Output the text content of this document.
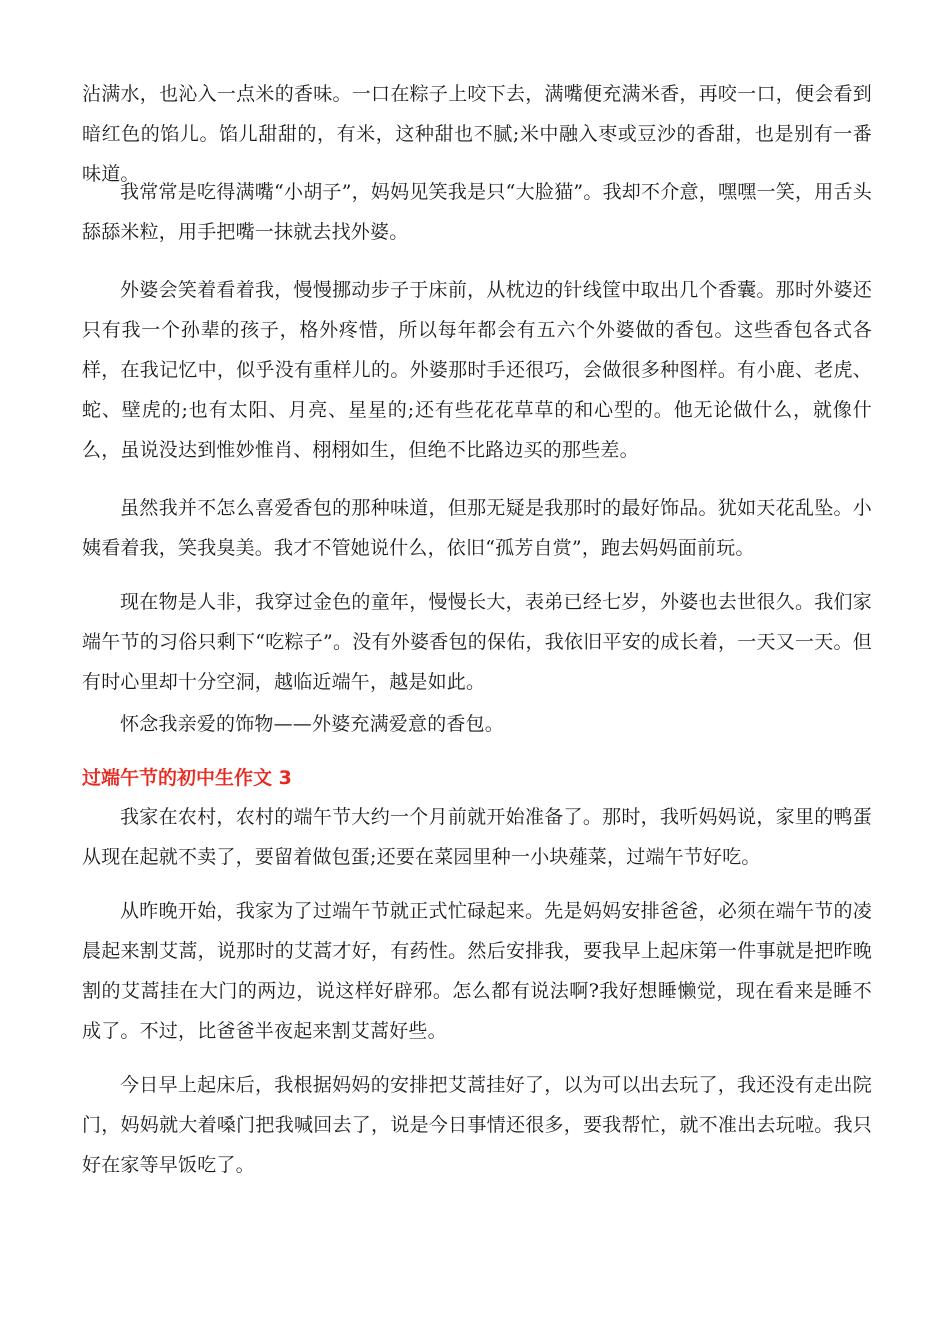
沾满水，也沁入一点米的香味。一口在粽子上咬下去，满嘴便充满米香，再咬一口，便会看到暗红色的馅儿。馅儿甜甜的，有米，这种甜也不腻;米中融入枣或豆沙的香甜，也是别有一番味道。

我常常是吃得满嘴“小胡子”，妈妈见笑我是只“大脸猫”。我却不介意，嘿嘿一笑，用舌头舔舔米粒，用手把嘴一抹就去找外婆。

外婆会笑着看着我，慢慢挪动步子于床前，从枕边的针线筐中取出几个香囊。那时外婆还只有我一个孙辈的孩子，格外疼惜，所以每年都会有五六个外婆做的香包。这些香包各式各样，在我记忆中，似乎没有重样儿的。外婆那时手还很巧，会做很多种图样。有小鹿、老虎、蛇、壁虎的;也有太阳、月亮、星星的;还有些花花草草的和心型的。他无论做什么，就像什么，虽说没达到惟妙惟肖、栩栩如生，但绝不比路边买的那些差。

虽然我并不怎么喜爱香包的那种味道，但那无疑是我那时的最好饰品。犹如天花乱坠。小姨看着我，笑我臭美。我才不管她说什么，依旧“孤芳自赏”，跑去妈妈面前玩。

现在物是人非，我穿过金色的童年，慢慢长大，表弟已经七岁，外婆也去世很久。我们家端午节的习俗只剩下“吃粽子”。没有外婆香包的保佑，我依旧平安的成长着，一天又一天。但有时心里却十分空洞，越临近端午，越是如此。

怀念我亲爱的饰物——外婆充满爱意的香包。

过端午节的初中生作文 3

我家在农村，农村的端午节大约一个月前就开始准备了。那时，我听妈妈说，家里的鸭蛋从现在起就不卖了，要留着做包蛋;还要在菜园里种一小块薤菜，过端午节好吃。

从昨晚开始，我家为了过端午节就正式忙碌起来。先是妈妈安排爸爸，必须在端午节的凌晨起来割艾蒿，说那时的艾蒿才好，有药性。然后安排我，要我早上起床第一件事就是把昨晚割的艾蒿挂在大门的两边，说这样好辟邪。怎么都有说法啊?我好想睡懒觉，现在看来是睡不成了。不过，比爸爸半夜起来割艾蒿好些。

今日早上起床后，我根据妈妈的安排把艾蒿挂好了，以为可以出去玩了，我还没有走出院门，妈妈就大着嗓门把我喊回去了，说是今日事情还很多，要我帮忙，就不准出去玩啦。我只好在家等早饭吃了。
